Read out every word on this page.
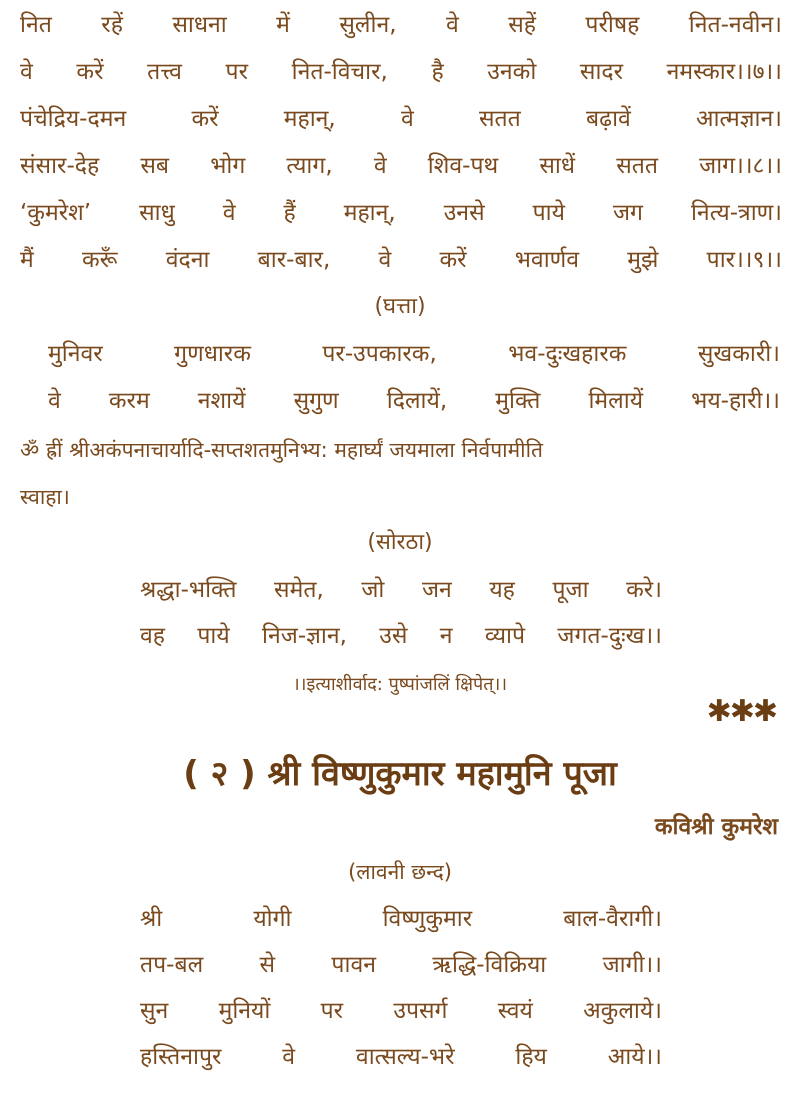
नित रहें साधना में सुलीन, वे सहें परीषह नित-नवीन।
वे करें तत्त्व पर नित-विचार, है उनको सादर नमस्कार।।७।।
पंचेद्रिय-दमन	करें	महान्,	वे	सतत	बढ़ावें	आत्मज्ञान।
संसार-देह सब भोग त्याग, वे शिव-पथ साधें सतत जाग।।८।।
‘कुमरेश’ साधु वे हैं महान्, उनसे पाये जग नित्य-त्राण।
मैं करूँ वंदना बार-बार, वे करें भवार्णव मुझे पार।।९।।
(घत्ता)
मुनिवर	गुणधारक	पर-उपकारक,	भव-दुःखहारक	सुखकारी।
वे करम नशायें सुगुण दिलायें, मुक्ति मिलायें भय-हारी।।
ॐ ह्रीं श्रीअकंपनाचार्यादि-सप्तशतमुनिभ्य: महार्घ्यं जयमाला निर्वपामीति
स्वाहा।
(सोरठा)
श्रद्धा-भक्ति समेत, जो जन यह पूजा करे।
वह पाये निज-ज्ञान, उसे न व्यापे जगत-दुःख।।
।।इत्याशीर्वाद: पुष्पांजलिं क्षिपेत्।।
✱✱✱
( २ ) श्री विष्णुकुमार महामुनि पूजा
कविश्री कुमरेश
(लावनी छन्द)
श्री	योगी	विष्णुकुमार	बाल-वैरागी।
तप-बल से पावन ऋद्धि-विक्रिया जागी।।
सुन मुनियों पर उपसर्ग स्वयं अकुलाये।
हस्तिनापुर	वे	वात्सल्य-भरे	हिय	आये।।
